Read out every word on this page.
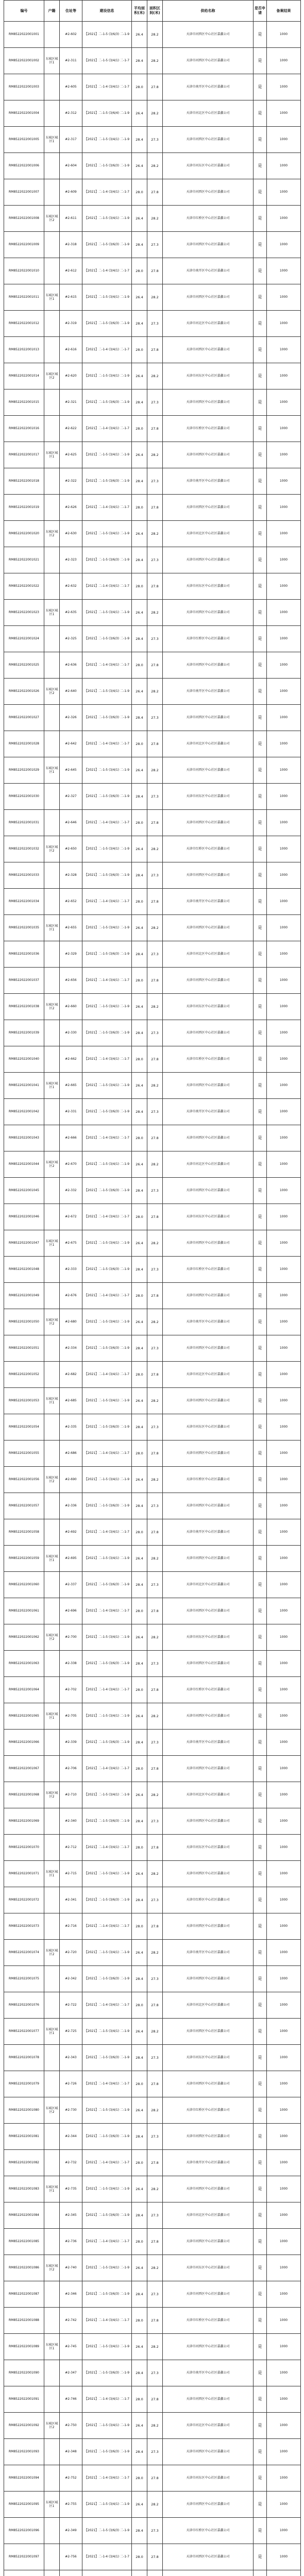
编号	户籍	住址等	建设信息	平均面积(米)	面积区间(米)	供给名称	是否申请	备案结果
RM8522022001001		#2-602	【2021】二-1-5 (3/6/3) 二-1-9	26.4	28.2	天津市河西区中心社区嘉鑫公司	是	1000
RM8522022001002	东城区城区1	#2-311	【2021】二-1-5 (3/4/1) 二-1-7	28.4	28.2	天津市河西区中心社区嘉鑫公司	是	1000
RM8522022001003		#2-605	【2021】二-1-4 (3/4/1) 二-1-7	28.0	27.8	天津市南开区中心社区嘉鑫公司	是	1000
RM8522022001004		#2-312	【2021】二-1-5 (3/6/4) 二-1-9	26.4	28.2	天津市河北区中心社区嘉鑫公司	是	1000
RM8522022001005	东城区城区1	#2-317	【2021】二-1-5 (3/4/1) 二-1-9	28.4	27.3	天津市河西区中心社区嘉鑫公司	是	1000
RM8522022001006		#2-604	【2021】二-1-5 (3/6/3) 二-1-9	26.4	28.2	天津市河东区中心社区嘉鑫公司	是	1000
RM8522022001007		#2-609	【2021】二-1-4 (3/4/1) 二-1-7	28.0	27.8	天津市河西区中心社区嘉鑫公司	是	1000
RM8522022001008	东城区城区2	#2-611	【2021】二-1-5 (3/4/1) 二-1-9	26.4	28.2	天津市红桥区中心社区嘉鑫公司	是	1000
RM8522022001009		#2-318	【2021】二-1-5 (3/6/3) 二-1-9	28.4	27.3	天津市河西区中心社区嘉鑫公司	是	1000
RM8522022001010		#2-612	【2021】二-1-4 (3/4/1) 二-1-7	28.0	27.8	天津市南开区中心社区嘉鑫公司	是	1000
RM8522022001011	东城区城区1	#2-615	【2021】二-1-5 (3/4/1) 二-1-9	26.4	28.2	天津市河西区中心社区嘉鑫公司	是	1000
RM8522022001012		#2-319	【2021】二-1-5 (3/6/3) 二-1-9	28.4	27.3	天津市河北区中心社区嘉鑫公司	是	1000
RM8522022001013		#2-616	【2021】二-1-4 (3/4/1) 二-1-7	28.0	27.8	天津市河西区中心社区嘉鑫公司	是	1000
RM8522022001014	东城区城区2	#2-620	【2021】二-1-5 (3/4/1) 二-1-9	26.4	28.2	天津市河东区中心社区嘉鑫公司	是	1000
RM8522022001015		#2-321	【2021】二-1-5 (3/6/3) 二-1-9	28.4	27.3	天津市河西区中心社区嘉鑫公司	是	1000
RM8522022001016		#2-622	【2021】二-1-4 (3/4/1) 二-1-7	28.0	27.8	天津市红桥区中心社区嘉鑫公司	是	1000
RM8522022001017	东城区城区1	#2-625	【2021】二-1-5 (3/4/1) 二-1-9	26.4	28.2	天津市河西区中心社区嘉鑫公司	是	1000
RM8522022001018		#2-322	【2021】二-1-5 (3/6/3) 二-1-9	28.4	27.3	天津市南开区中心社区嘉鑫公司	是	1000
RM8522022001019		#2-626	【2021】二-1-4 (3/4/1) 二-1-7	28.0	27.8	天津市河西区中心社区嘉鑫公司	是	1000
RM8522022001020	东城区城区2	#2-630	【2021】二-1-5 (3/4/1) 二-1-9	26.4	28.2	天津市河北区中心社区嘉鑫公司	是	1000
RM8522022001021		#2-323	【2021】二-1-5 (3/6/3) 二-1-9	28.4	27.3	天津市河西区中心社区嘉鑫公司	是	1000
RM8522022001022		#2-632	【2021】二-1-4 (3/4/1) 二-1-7	28.0	27.8	天津市河东区中心社区嘉鑫公司	是	1000
RM8522022001023	东城区城区1	#2-635	【2021】二-1-5 (3/4/1) 二-1-9	26.4	28.2	天津市河西区中心社区嘉鑫公司	是	1000
RM8522022001024		#2-325	【2021】二-1-5 (3/6/3) 二-1-9	28.4	27.3	天津市红桥区中心社区嘉鑫公司	是	1000
RM8522022001025		#2-636	【2021】二-1-4 (3/4/1) 二-1-7	28.0	27.8	天津市河西区中心社区嘉鑫公司	是	1000
RM8522022001026	东城区城区2	#2-640	【2021】二-1-5 (3/4/1) 二-1-9	26.4	28.2	天津市南开区中心社区嘉鑫公司	是	1000
RM8522022001027		#2-326	【2021】二-1-5 (3/6/3) 二-1-9	28.4	27.3	天津市河西区中心社区嘉鑫公司	是	1000
RM8522022001028		#2-642	【2021】二-1-4 (3/4/1) 二-1-7	28.0	27.8	天津市河北区中心社区嘉鑫公司	是	1000
RM8522022001029	东城区城区1	#2-645	【2021】二-1-5 (3/4/1) 二-1-9	26.4	28.2	天津市河西区中心社区嘉鑫公司	是	1000
RM8522022001030		#2-327	【2021】二-1-5 (3/6/3) 二-1-9	28.4	27.3	天津市河东区中心社区嘉鑫公司	是	1000
RM8522022001031		#2-646	【2021】二-1-4 (3/4/1) 二-1-7	28.0	27.8	天津市河西区中心社区嘉鑫公司	是	1000
RM8522022001032	东城区城区2	#2-650	【2021】二-1-5 (3/4/1) 二-1-9	26.4	28.2	天津市红桥区中心社区嘉鑫公司	是	1000
RM8522022001033		#2-328	【2021】二-1-5 (3/6/3) 二-1-9	28.4	27.3	天津市河西区中心社区嘉鑫公司	是	1000
RM8522022001034		#2-652	【2021】二-1-4 (3/4/1) 二-1-7	28.0	27.8	天津市南开区中心社区嘉鑫公司	是	1000
RM8522022001035	东城区城区1	#2-655	【2021】二-1-5 (3/4/1) 二-1-9	26.4	28.2	天津市河西区中心社区嘉鑫公司	是	1000
RM8522022001036		#2-329	【2021】二-1-5 (3/6/3) 二-1-9	28.4	27.3	天津市河北区中心社区嘉鑫公司	是	1000
RM8522022001037		#2-656	【2021】二-1-4 (3/4/1) 二-1-7	28.0	27.8	天津市河西区中心社区嘉鑫公司	是	1000
RM8522022001038	东城区城区2	#2-660	【2021】二-1-5 (3/4/1) 二-1-9	26.4	28.2	天津市河东区中心社区嘉鑫公司	是	1000
RM8522022001039		#2-330	【2021】二-1-5 (3/6/3) 二-1-9	28.4	27.3	天津市河西区中心社区嘉鑫公司	是	1000
RM8522022001040		#2-662	【2021】二-1-4 (3/4/1) 二-1-7	28.0	27.8	天津市红桥区中心社区嘉鑫公司	是	1000
RM8522022001041	东城区城区1	#2-665	【2021】二-1-5 (3/4/1) 二-1-9	26.4	28.2	天津市河西区中心社区嘉鑫公司	是	1000
RM8522022001042		#2-331	【2021】二-1-5 (3/6/3) 二-1-9	28.4	27.3	天津市南开区中心社区嘉鑫公司	是	1000
RM8522022001043		#2-666	【2021】二-1-4 (3/4/1) 二-1-7	28.0	27.8	天津市河西区中心社区嘉鑫公司	是	1000
RM8522022001044	东城区城区2	#2-670	【2021】二-1-5 (3/4/1) 二-1-9	26.4	28.2	天津市河北区中心社区嘉鑫公司	是	1000
RM8522022001045		#2-332	【2021】二-1-5 (3/6/3) 二-1-9	28.4	27.3	天津市河西区中心社区嘉鑫公司	是	1000
RM8522022001046		#2-672	【2021】二-1-4 (3/4/1) 二-1-7	28.0	27.8	天津市河东区中心社区嘉鑫公司	是	1000
RM8522022001047	东城区城区1	#2-675	【2021】二-1-5 (3/4/1) 二-1-9	26.4	28.2	天津市河西区中心社区嘉鑫公司	是	1000
RM8522022001048		#2-333	【2021】二-1-5 (3/6/3) 二-1-9	28.4	27.3	天津市红桥区中心社区嘉鑫公司	是	1000
RM8522022001049		#2-676	【2021】二-1-4 (3/4/1) 二-1-7	28.0	27.8	天津市河西区中心社区嘉鑫公司	是	1000
RM8522022001050	东城区城区2	#2-680	【2021】二-1-5 (3/4/1) 二-1-9	26.4	28.2	天津市南开区中心社区嘉鑫公司	是	1000
RM8522022001051		#2-334	【2021】二-1-5 (3/6/3) 二-1-9	28.4	27.3	天津市河西区中心社区嘉鑫公司	是	1000
RM8522022001052		#2-682	【2021】二-1-4 (3/4/1) 二-1-7	28.0	27.8	天津市河北区中心社区嘉鑫公司	是	1000
RM8522022001053	东城区城区1	#2-685	【2021】二-1-5 (3/4/1) 二-1-9	26.4	28.2	天津市河西区中心社区嘉鑫公司	是	1000
RM8522022001054		#2-335	【2021】二-1-5 (3/6/3) 二-1-9	28.4	27.3	天津市河东区中心社区嘉鑫公司	是	1000
RM8522022001055		#2-686	【2021】二-1-4 (3/4/1) 二-1-7	28.0	27.8	天津市河西区中心社区嘉鑫公司	是	1000
RM8522022001056	东城区城区2	#2-690	【2021】二-1-5 (3/4/1) 二-1-9	26.4	28.2	天津市红桥区中心社区嘉鑫公司	是	1000
RM8522022001057		#2-336	【2021】二-1-5 (3/6/3) 二-1-9	28.4	27.3	天津市河西区中心社区嘉鑫公司	是	1000
RM8522022001058		#2-692	【2021】二-1-4 (3/4/1) 二-1-7	28.0	27.8	天津市南开区中心社区嘉鑫公司	是	1000
RM8522022001059	东城区城区1	#2-695	【2021】二-1-5 (3/4/1) 二-1-9	26.4	28.2	天津市河西区中心社区嘉鑫公司	是	1000
RM8522022001060		#2-337	【2021】二-1-5 (3/6/3) 二-1-9	28.4	27.3	天津市河北区中心社区嘉鑫公司	是	1000
RM8522022001061		#2-696	【2021】二-1-4 (3/4/1) 二-1-7	28.0	27.8	天津市河西区中心社区嘉鑫公司	是	1000
RM8522022001062	东城区城区2	#2-700	【2021】二-1-5 (3/4/1) 二-1-9	26.4	28.2	天津市河东区中心社区嘉鑫公司	是	1000
RM8522022001063		#2-338	【2021】二-1-5 (3/6/3) 二-1-9	28.4	27.3	天津市河西区中心社区嘉鑫公司	是	1000
RM8522022001064		#2-702	【2021】二-1-4 (3/4/1) 二-1-7	28.0	27.8	天津市红桥区中心社区嘉鑫公司	是	1000
RM8522022001065	东城区城区1	#2-705	【2021】二-1-5 (3/4/1) 二-1-9	26.4	28.2	天津市河西区中心社区嘉鑫公司	是	1000
RM8522022001066		#2-339	【2021】二-1-5 (3/6/3) 二-1-9	28.4	27.3	天津市南开区中心社区嘉鑫公司	是	1000
RM8522022001067		#2-706	【2021】二-1-4 (3/4/1) 二-1-7	28.0	27.8	天津市河西区中心社区嘉鑫公司	是	1000
RM8522022001068	东城区城区2	#2-710	【2021】二-1-5 (3/4/1) 二-1-9	26.4	28.2	天津市河北区中心社区嘉鑫公司	是	1000
RM8522022001069		#2-340	【2021】二-1-5 (3/6/3) 二-1-9	28.4	27.3	天津市河西区中心社区嘉鑫公司	是	1000
RM8522022001070		#2-712	【2021】二-1-4 (3/4/1) 二-1-7	28.0	27.8	天津市河东区中心社区嘉鑫公司	是	1000
RM8522022001071	东城区城区1	#2-715	【2021】二-1-5 (3/4/1) 二-1-9	26.4	28.2	天津市河西区中心社区嘉鑫公司	是	1000
RM8522022001072		#2-341	【2021】二-1-5 (3/6/3) 二-1-9	28.4	27.3	天津市红桥区中心社区嘉鑫公司	是	1000
RM8522022001073		#2-716	【2021】二-1-4 (3/4/1) 二-1-7	28.0	27.8	天津市河西区中心社区嘉鑫公司	是	1000
RM8522022001074	东城区城区2	#2-720	【2021】二-1-5 (3/4/1) 二-1-9	26.4	28.2	天津市南开区中心社区嘉鑫公司	是	1000
RM8522022001075		#2-342	【2021】二-1-5 (3/6/3) 二-1-9	28.4	27.3	天津市河西区中心社区嘉鑫公司	是	1000
RM8522022001076		#2-722	【2021】二-1-4 (3/4/1) 二-1-7	28.0	27.8	天津市河北区中心社区嘉鑫公司	是	1000
RM8522022001077	东城区城区1	#2-725	【2021】二-1-5 (3/4/1) 二-1-9	26.4	28.2	天津市河西区中心社区嘉鑫公司	是	1000
RM8522022001078		#2-343	【2021】二-1-5 (3/6/3) 二-1-9	28.4	27.3	天津市河东区中心社区嘉鑫公司	是	1000
RM8522022001079		#2-726	【2021】二-1-4 (3/4/1) 二-1-7	28.0	27.8	天津市河西区中心社区嘉鑫公司	是	1000
RM8522022001080	东城区城区2	#2-730	【2021】二-1-5 (3/4/1) 二-1-9	26.4	28.2	天津市红桥区中心社区嘉鑫公司	是	1000
RM8522022001081		#2-344	【2021】二-1-5 (3/6/3) 二-1-9	28.4	27.3	天津市河西区中心社区嘉鑫公司	是	1000
RM8522022001082		#2-732	【2021】二-1-4 (3/4/1) 二-1-7	28.0	27.8	天津市南开区中心社区嘉鑫公司	是	1000
RM8522022001083	东城区城区1	#2-735	【2021】二-1-5 (3/4/1) 二-1-9	26.4	28.2	天津市河西区中心社区嘉鑫公司	是	1000
RM8522022001084		#2-345	【2021】二-1-5 (3/6/3) 二-1-9	28.4	27.3	天津市河北区中心社区嘉鑫公司	是	1000
RM8522022001085		#2-736	【2021】二-1-4 (3/4/1) 二-1-7	28.0	27.8	天津市河西区中心社区嘉鑫公司	是	1000
RM8522022001086	东城区城区2	#2-740	【2021】二-1-5 (3/4/1) 二-1-9	26.4	28.2	天津市河东区中心社区嘉鑫公司	是	1000
RM8522022001087		#2-346	【2021】二-1-5 (3/6/3) 二-1-9	28.4	27.3	天津市河西区中心社区嘉鑫公司	是	1000
RM8522022001088		#2-742	【2021】二-1-4 (3/4/1) 二-1-7	28.0	27.8	天津市红桥区中心社区嘉鑫公司	是	1000
RM8522022001089	东城区城区1	#2-745	【2021】二-1-5 (3/4/1) 二-1-9	26.4	28.2	天津市河西区中心社区嘉鑫公司	是	1000
RM8522022001090		#2-347	【2021】二-1-5 (3/6/3) 二-1-9	28.4	27.3	天津市南开区中心社区嘉鑫公司	是	1000
RM8522022001091		#2-746	【2021】二-1-4 (3/4/1) 二-1-7	28.0	27.8	天津市河西区中心社区嘉鑫公司	是	1000
RM8522022001092	东城区城区2	#2-750	【2021】二-1-5 (3/4/1) 二-1-9	26.4	28.2	天津市河北区中心社区嘉鑫公司	是	1000
RM8522022001093		#2-348	【2021】二-1-5 (3/6/3) 二-1-9	28.4	27.3	天津市河西区中心社区嘉鑫公司	是	1000
RM8522022001094		#2-752	【2021】二-1-4 (3/4/1) 二-1-7	28.0	27.8	天津市河东区中心社区嘉鑫公司	是	1000
RM8522022001095	东城区城区1	#2-755	【2021】二-1-5 (3/4/1) 二-1-9	26.4	28.2	天津市河西区中心社区嘉鑫公司	是	1000
RM8522022001096		#2-349	【2021】二-1-5 (3/6/3) 二-1-9	28.4	27.3	天津市红桥区中心社区嘉鑫公司	是	1000
RM8522022001097		#2-756	【2021】二-1-4 (3/4/1) 二-1-7	28.0	27.8	天津市河西区中心社区嘉鑫公司	是	1000
